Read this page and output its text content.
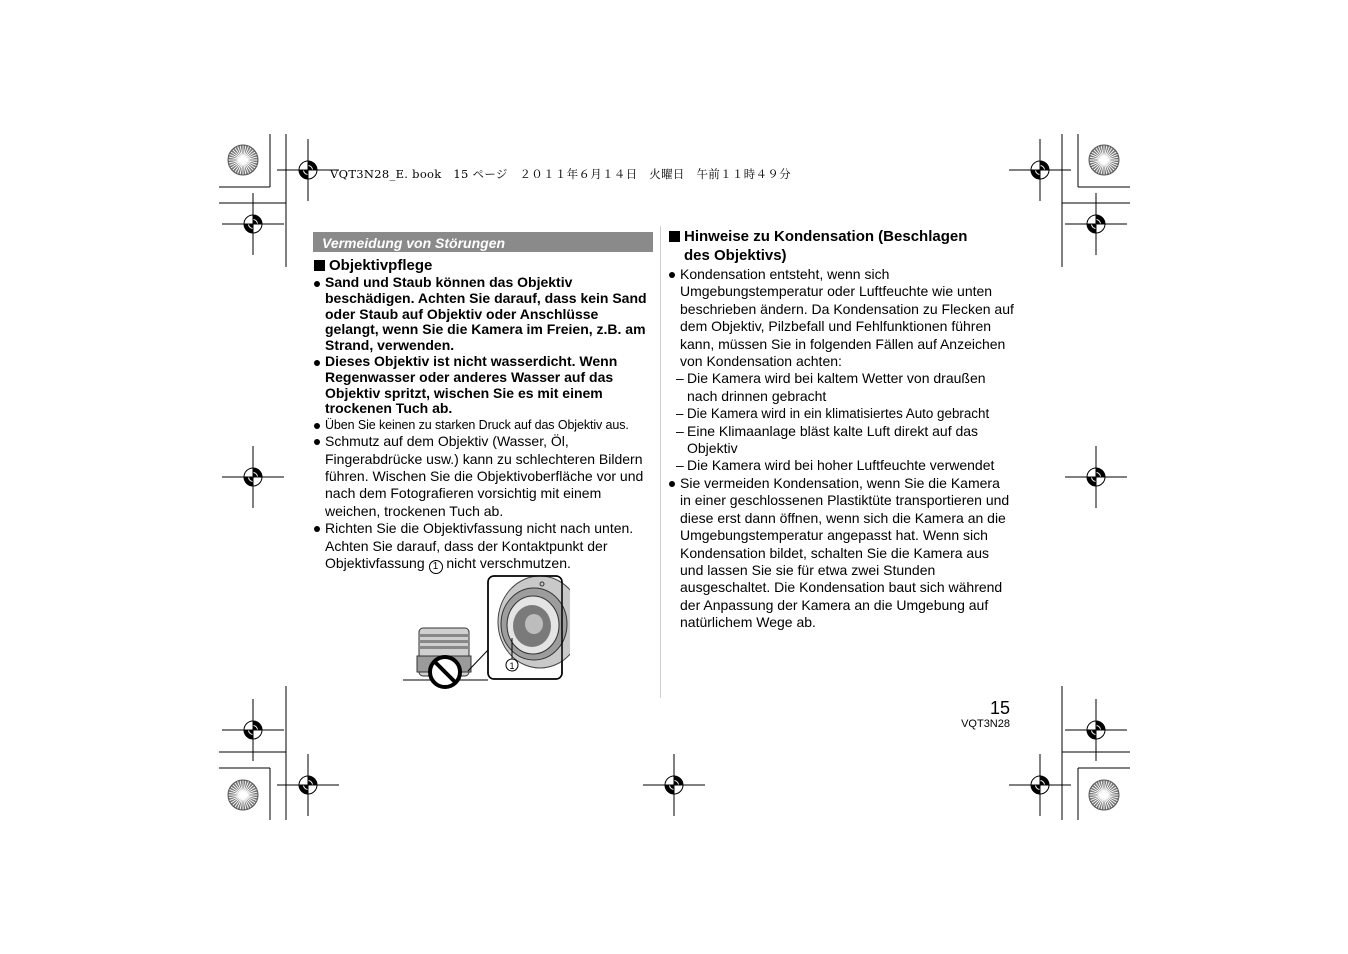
VQT3N28_E. book　15 ページ　２０１１年６月１４日　火曜日　午前１１時４９分
Vermeidung von Störungen
Objektivpflege
Sand und Staub können das Objektiv beschädigen. Achten Sie darauf, dass kein Sand oder Staub auf Objektiv oder Anschlüsse gelangt, wenn Sie die Kamera im Freien, z.B. am Strand, verwenden.
Dieses Objektiv ist nicht wasserdicht. Wenn Regenwasser oder anderes Wasser auf das Objektiv spritzt, wischen Sie es mit einem trockenen Tuch ab.
Üben Sie keinen zu starken Druck auf das Objektiv aus.
Schmutz auf dem Objektiv (Wasser, Öl, Fingerabdrücke usw.) kann zu schlechteren Bildern führen. Wischen Sie die Objektivoberfläche vor und nach dem Fotografieren vorsichtig mit einem weichen, trockenen Tuch ab.
Richten Sie die Objektivfassung nicht nach unten. Achten Sie darauf, dass der Kontaktpunkt der Objektivfassung 1 nicht verschmutzen.
1
Hinweise zu Kondensation (Beschlagen
des Objektivs)
Kondensation entsteht, wenn sich Umgebungstemperatur oder Luftfeuchte wie unten beschrieben ändern. Da Kondensation zu Flecken auf dem Objektiv, Pilzbefall und Fehlfunktionen führen kann, müssen Sie in folgenden Fällen auf Anzeichen von Kondensation achten:
– Die Kamera wird bei kaltem Wetter von draußen nach drinnen gebracht
– Die Kamera wird in ein klimatisiertes Auto gebracht
– Eine Klimaanlage bläst kalte Luft direkt auf das Objektiv
– Die Kamera wird bei hoher Luftfeuchte verwendet
Sie vermeiden Kondensation, wenn Sie die Kamera in einer geschlossenen Plastiktüte transportieren und diese erst dann öffnen, wenn sich die Kamera an die Umgebungstemperatur angepasst hat. Wenn sich Kondensation bildet, schalten Sie die Kamera aus und lassen Sie sie für etwa zwei Stunden ausgeschaltet. Die Kondensation baut sich während der Anpassung der Kamera an die Umgebung auf natürlichem Wege ab.
15
VQT3N28
